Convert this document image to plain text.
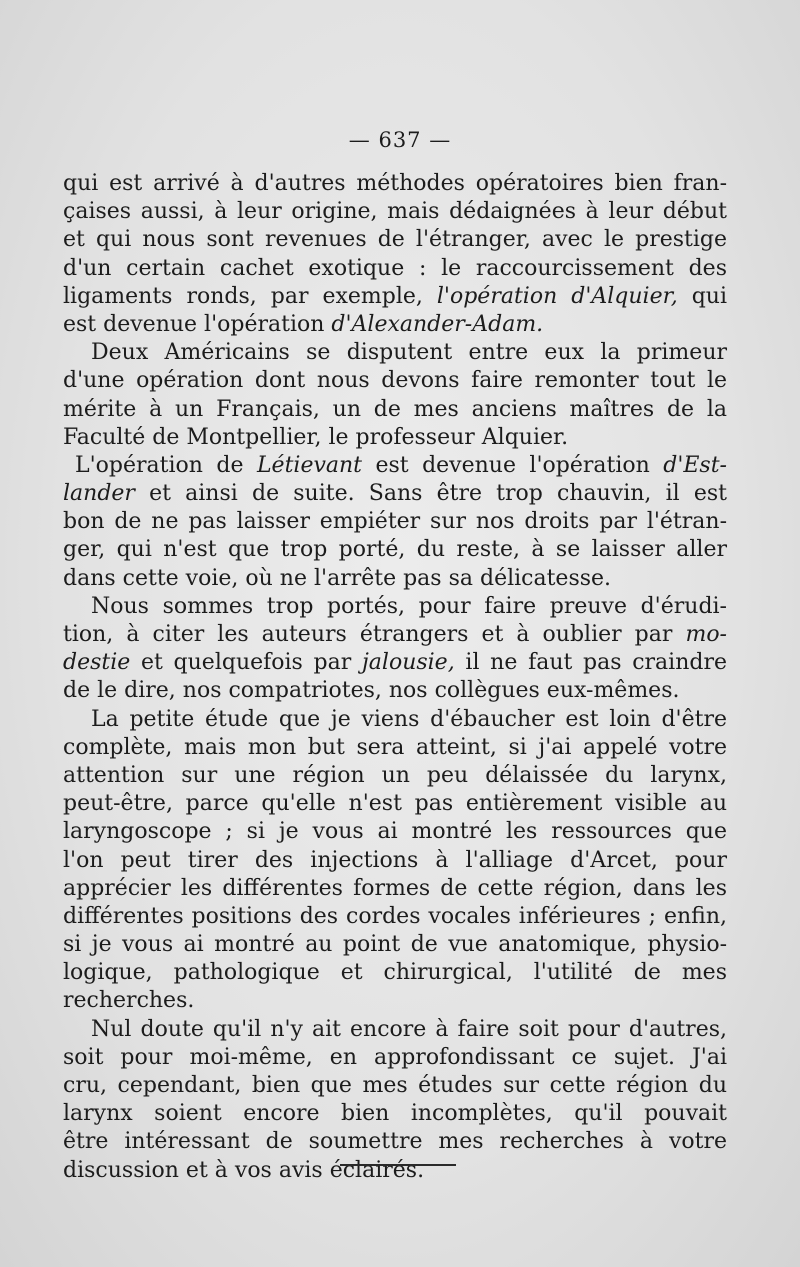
— 637 —
qui est arrivé à d'autres méthodes opératoires bien fran-
çaises aussi, à leur origine, mais dédaignées à leur début
et qui nous sont revenues de l'étranger, avec le prestige
d'un certain cachet exotique : le raccourcissement des
ligaments ronds, par exemple, l'opération d'Alquier, qui
est devenue l'opération d'Alexander-Adam.
Deux Américains se disputent entre eux la primeur
d'une opération dont nous devons faire remonter tout le
mérite à un Français, un de mes anciens maîtres de la
Faculté de Montpellier, le professeur Alquier.
L'opération de Létievant est devenue l'opération d'Est-
lander et ainsi de suite. Sans être trop chauvin, il est
bon de ne pas laisser empiéter sur nos droits par l'étran-
ger, qui n'est que trop porté, du reste, à se laisser aller
dans cette voie, où ne l'arrête pas sa délicatesse.
Nous sommes trop portés, pour faire preuve d'érudi-
tion, à citer les auteurs étrangers et à oublier par mo-
destie et quelquefois par jalousie, il ne faut pas craindre
de le dire, nos compatriotes, nos collègues eux-mêmes.
La petite étude que je viens d'ébaucher est loin d'être
complète, mais mon but sera atteint, si j'ai appelé votre
attention sur une région un peu délaissée du larynx,
peut-être, parce qu'elle n'est pas entièrement visible au
laryngoscope ; si je vous ai montré les ressources que
l'on peut tirer des injections à l'alliage d'Arcet, pour
apprécier les différentes formes de cette région, dans les
différentes positions des cordes vocales inférieures ; enfin,
si je vous ai montré au point de vue anatomique, physio-
logique, pathologique et chirurgical, l'utilité de mes
recherches.
Nul doute qu'il n'y ait encore à faire soit pour d'autres,
soit pour moi-même, en approfondissant ce sujet. J'ai
cru, cependant, bien que mes études sur cette région du
larynx soient encore bien incomplètes, qu'il pouvait
être intéressant de soumettre mes recherches à votre
discussion et à vos avis éclairés.
